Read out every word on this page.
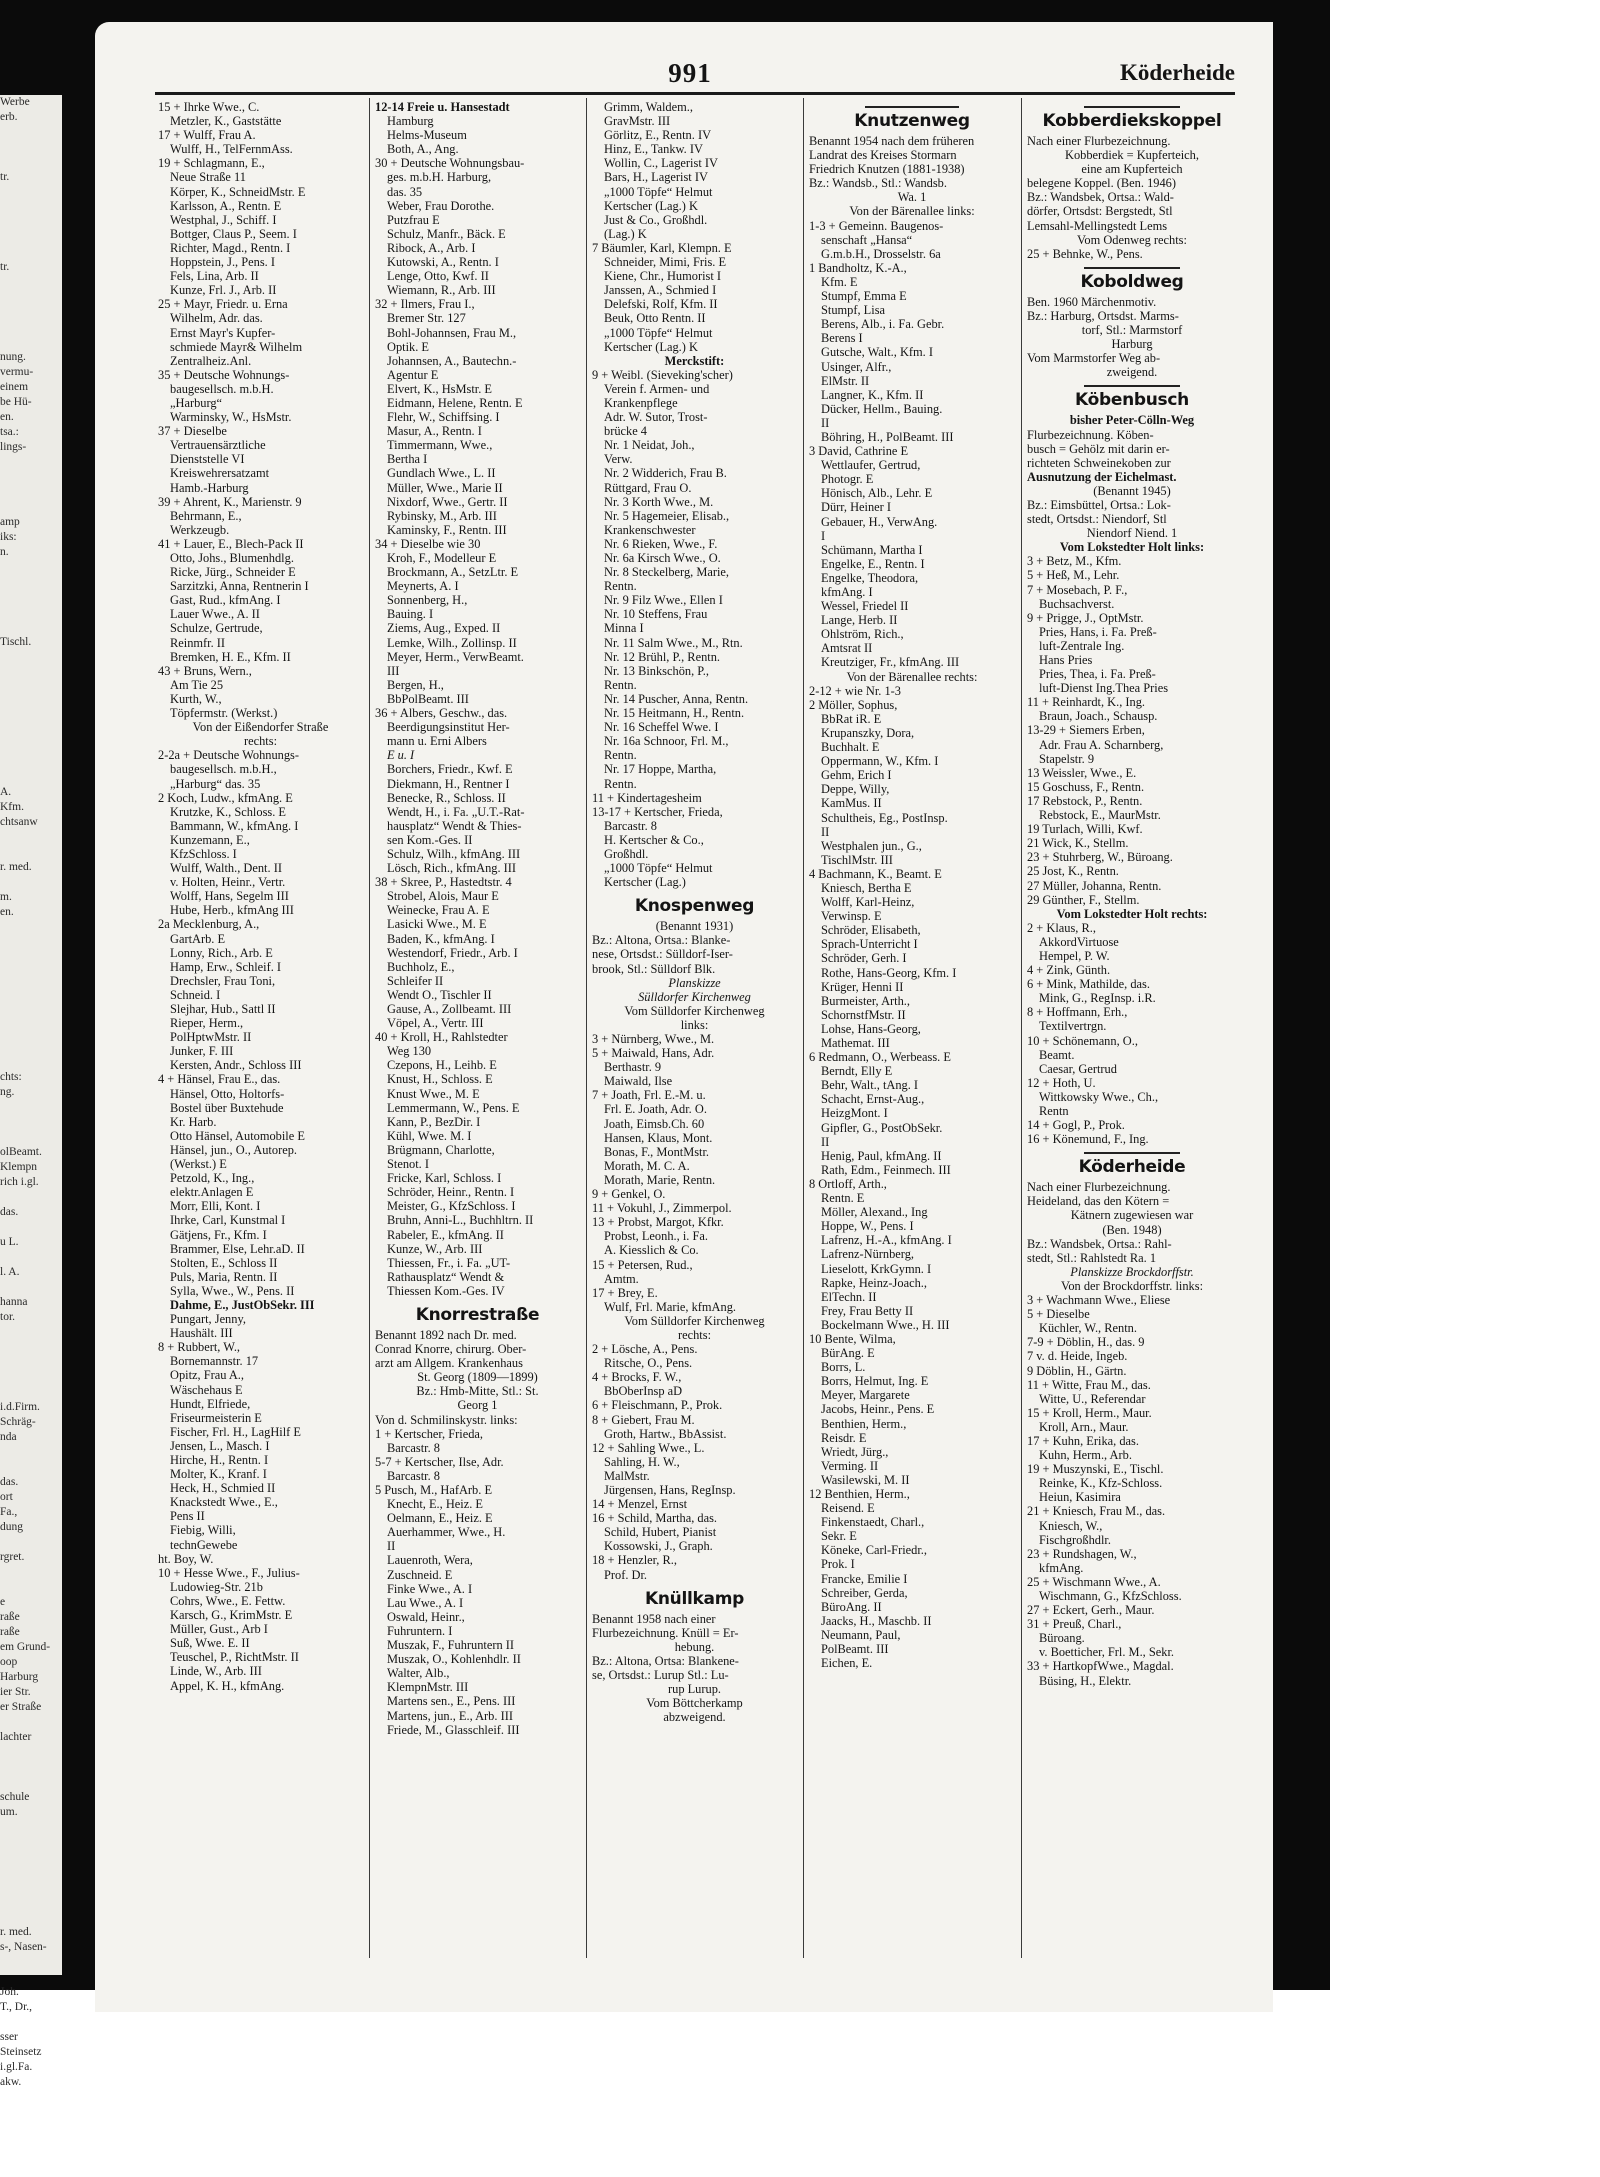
Werbe
erb.
tr.
tr.
nung.
vermu-
einem
be Hü-
en.
tsa.:
lings-
amp
iks:
n.
Tischl.
A.
Kfm.
chtsanw
r. med.
m.
en.
chts:
ng.
olBeamt.
Klempn
rich i.gl.
das.
u L.
l. A.
hanna
tor.
i.d.Firm.
Schräg-
nda
das.
ort
Fa.,
dung
rgret.
e
raße
raße
em Grund-
oop
Harburg
ier Str.
er Straße
lachter
schule
um.
r. med.
s-, Nasen-
Joh.
T., Dr.,
sser
Steinsetz
i.gl.Fa.
akw.
991	Köderheide
15 + Ihrke Wwe., C.
Metzler, K., Gaststätte
17 + Wulff, Frau A.
Wulff, H., TelFernmAss.
19 + Schlagmann, E.,
Neue Straße 11
Körper, K., SchneidMstr. E
Karlsson, A., Rentn. E
Westphal, J., Schiff. I
Bottger, Claus P., Seem. I
Richter, Magd., Rentn. I
Hoppstein, J., Pens. I
Fels, Lina, Arb. II
Kunze, Frl. J., Arb. II
25 + Mayr, Friedr. u. Erna
Wilhelm, Adr. das.
Ernst Mayr's Kupfer-
schmiede Mayr& Wilhelm
Zentralheiz.Anl.
35 + Deutsche Wohnungs-
baugesellsch. m.b.H.
„Harburg“
Warminsky, W., HsMstr.
37 + Dieselbe
Vertrauensärztliche
Dienststelle VI
Kreiswehrersatzamt
Hamb.-Harburg
39 + Ahrent, K., Marienstr. 9
Behrmann, E.,
Werkzeugb.
41 + Lauer, E., Blech-Pack II
Otto, Johs., Blumenhdlg.
Ricke, Jürg., Schneider E
Sarzitzki, Anna, Rentnerin I
Gast, Rud., kfmAng. I
Lauer Wwe., A. II
Schulze, Gertrude,
Reinmfr. II
Bremken, H. E., Kfm. II
43 + Bruns, Wern.,
Am Tie 25
Kurth, W.,
Töpfermstr. (Werkst.)
Von der Eißendorfer Straße
rechts:
2-2a + Deutsche Wohnungs-
baugesellsch. m.b.H.,
„Harburg“ das. 35
2 Koch, Ludw., kfmAng. E
Krutzke, K., Schloss. E
Bammann, W., kfmAng. I
Kunzemann, E.,
KfzSchloss. I
Wulff, Walth., Dent. II
v. Holten, Heinr., Vertr.
Wolff, Hans, Segelm III
Hube, Herb., kfmAng III
2a Mecklenburg, A.,
GartArb. E
Lonny, Rich., Arb. E
Hamp, Erw., Schleif. I
Drechsler, Frau Toni,
Schneid. I
Slejhar, Hub., Sattl II
Rieper, Herm.,
PolHptwMstr. II
Junker, F. III
Kersten, Andr., Schloss III
4 + Hänsel, Frau E., das.
Hänsel, Otto, Holtorfs-
Bostel über Buxtehude
Kr. Harb.
Otto Hänsel, Automobile E
Hänsel, jun., O., Autorep.
(Werkst.) E
Petzold, K., Ing.,
elektr.Anlagen E
Morr, Elli, Kont. I
Ihrke, Carl, Kunstmal I
Gätjens, Fr., Kfm. I
Brammer, Else, Lehr.aD. II
Stolten, E., Schloss II
Puls, Maria, Rentn. II
Sylla, Wwe., W., Pens. II
Dahme, E., JustObSekr. III
Pungart, Jenny,
Haushält. III
8 + Rubbert, W.,
Bornemannstr. 17
Opitz, Frau A.,
Wäschehaus E
Hundt, Elfriede,
Friseurmeisterin E
Fischer, Frl. H., LagHilf E
Jensen, L., Masch. I
Hirche, H., Rentn. I
Molter, K., Kranf. I
Heck, H., Schmied II
Knackstedt Wwe., E.,
Pens II
Fiebig, Willi,
technGewebe
ht. Boy, W.
10 + Hesse Wwe., F., Julius-
Ludowieg-Str. 21b
Cohrs, Wwe., E. Fettw.
Karsch, G., KrimMstr. E
Müller, Gust., Arb I
Suß, Wwe. E. II
Teuschel, P., RichtMstr. II
Linde, W., Arb. III
Appel, K. H., kfmAng.
12-14 Freie u. Hansestadt
Hamburg
Helms-Museum
Both, A., Ang.
30 + Deutsche Wohnungsbau-
ges. m.b.H. Harburg,
das. 35
Weber, Frau Dorothe.
Putzfrau E
Schulz, Manfr., Bäck. E
Ribock, A., Arb. I
Kutowski, A., Rentn. I
Lenge, Otto, Kwf. II
Wiemann, R., Arb. III
32 + Ilmers, Frau I.,
Bremer Str. 127
Bohl-Johannsen, Frau M.,
Optik. E
Johannsen, A., Bautechn.-
Agentur E
Elvert, K., HsMstr. E
Eidmann, Helene, Rentn. E
Flehr, W., Schiffsing. I
Masur, A., Rentn. I
Timmermann, Wwe.,
Bertha I
Gundlach Wwe., L. II
Müller, Wwe., Marie II
Nixdorf, Wwe., Gertr. II
Rybinsky, M., Arb. III
Kaminsky, F., Rentn. III
34 + Dieselbe wie 30
Kroh, F., Modelleur E
Brockmann, A., SetzLtr. E
Meynerts, A. I
Sonnenberg, H.,
Bauing. I
Ziems, Aug., Exped. II
Lemke, Wilh., Zollinsp. II
Meyer, Herm., VerwBeamt.
III
Bergen, H.,
BbPolBeamt. III
36 + Albers, Geschw., das.
Beerdigungsinstitut Her-
mann u. Erni Albers
E u. I
Borchers, Friedr., Kwf. E
Diekmann, H., Rentner I
Benecke, R., Schloss. II
Wendt, H., i. Fa. „U.T.-Rat-
hausplatz“ Wendt & Thies-
sen Kom.-Ges. II
Schulz, Wilh., kfmAng. III
Lösch, Rich., kfmAng. III
38 + Skree, P., Hastedtstr. 4
Strobel, Alois, Maur E
Weinecke, Frau A. E
Lasicki Wwe., M. E
Baden, K., kfmAng. I
Westendorf, Friedr., Arb. I
Buchholz, E.,
Schleifer II
Wendt O., Tischler II
Gause, A., Zollbeamt. III
Vöpel, A., Vertr. III
40 + Kroll, H., Rahlstedter
Weg 130
Czepons, H., Leihb. E
Knust, H., Schloss. E
Knust Wwe., M. E
Lemmermann, W., Pens. E
Kann, P., BezDir. I
Kühl, Wwe. M. I
Brügmann, Charlotte,
Stenot. I
Fricke, Karl, Schloss. I
Schröder, Heinr., Rentn. I
Meister, G., KfzSchloss. I
Bruhn, Anni-L., Buchhltrn. II
Rabeler, E., kfmAng. II
Kunze, W., Arb. III
Thiessen, Fr., i. Fa. „UT-
Rathausplatz“ Wendt &
Thiessen Kom.-Ges. IV
Knorrestraße
Benannt 1892 nach Dr. med.
Conrad Knorre, chirurg. Ober-
arzt am Allgem. Krankenhaus
St. Georg (1809—1899)
Bz.: Hmb-Mitte, Stl.: St.
Georg 1
Von d. Schmilinskystr. links:
1 + Kertscher, Frieda,
Barcastr. 8
5-7 + Kertscher, Ilse, Adr.
Barcastr. 8
5 Pusch, M., HafArb. E
Knecht, E., Heiz. E
Oelmann, E., Heiz. E
Auerhammer, Wwe., H.
II
Lauenroth, Wera,
Zuschneid. E
Finke Wwe., A. I
Lau Wwe., A. I
Oswald, Heinr.,
Fuhruntern. I
Muszak, F., Fuhruntern II
Muszak, O., Kohlenhdlr. II
Walter, Alb.,
KlempnMstr. III
Martens sen., E., Pens. III
Martens, jun., E., Arb. III
Friede, M., Glasschleif. III
Grimm, Waldem.,
GravMstr. III
Görlitz, E., Rentn. IV
Hinz, E., Tankw. IV
Wollin, C., Lagerist IV
Bars, H., Lagerist IV
„1000 Töpfe“ Helmut
Kertscher (Lag.) K
Just & Co., Großhdl.
(Lag.) K
7 Bäumler, Karl, Klempn. E
Schneider, Mimi, Fris. E
Kiene, Chr., Humorist I
Janssen, A., Schmied I
Delefski, Rolf, Kfm. II
Beuk, Otto Rentn. II
„1000 Töpfe“ Helmut
Kertscher (Lag.) K
Merckstift:
9 + Weibl. (Sieveking'scher)
Verein f. Armen- und
Krankenpflege
Adr. W. Sutor, Trost-
brücke 4
Nr. 1 Neidat, Joh.,
Verw.
Nr. 2 Widderich, Frau B.
Rüttgard, Frau O.
Nr. 3 Korth Wwe., M.
Nr. 5 Hagemeier, Elisab.,
Krankenschwester
Nr. 6 Rieken, Wwe., F.
Nr. 6a Kirsch Wwe., O.
Nr. 8 Steckelberg, Marie,
Rentn.
Nr. 9 Filz Wwe., Ellen I
Nr. 10 Steffens, Frau
Minna I
Nr. 11 Salm Wwe., M., Rtn.
Nr. 12 Brühl, P., Rentn.
Nr. 13 Binkschön, P.,
Rentn.
Nr. 14 Puscher, Anna, Rentn.
Nr. 15 Heitmann, H., Rentn.
Nr. 16 Scheffel Wwe. I
Nr. 16a Schnoor, Frl. M.,
Rentn.
Nr. 17 Hoppe, Martha,
Rentn.
11 + Kindertagesheim
13-17 + Kertscher, Frieda,
Barcastr. 8
H. Kertscher & Co.,
Großhdl.
„1000 Töpfe“ Helmut
Kertscher (Lag.)
Knospenweg
(Benannt 1931)
Bz.: Altona, Ortsa.: Blanke-
nese, Ortsdst.: Sülldorf-Iser-
brook, Stl.: Sülldorf Blk.
Planskizze
Sülldorfer Kirchenweg
Vom Sülldorfer Kirchenweg
links:
3 + Nürnberg, Wwe., M.
5 + Maiwald, Hans, Adr.
Berthastr. 9
Maiwald, Ilse
7 + Joath, Frl. E.-M. u.
Frl. E. Joath, Adr. O.
Joath, Eimsb.Ch. 60
Hansen, Klaus, Mont.
Bonas, F., MontMstr.
Morath, M. C. A.
Morath, Marie, Rentn.
9 + Genkel, O.
11 + Vokuhl, J., Zimmerpol.
13 + Probst, Margot, Kfkr.
Probst, Leonh., i. Fa.
A. Kiesslich & Co.
15 + Petersen, Rud.,
Amtm.
17 + Brey, E.
Wulf, Frl. Marie, kfmAng.
Vom Sülldorfer Kirchenweg
rechts:
2 + Lösche, A., Pens.
Ritsche, O., Pens.
4 + Brocks, F. W.,
BbOberInsp aD
6 + Fleischmann, P., Prok.
8 + Giebert, Frau M.
Groth, Hartw., BbAssist.
12 + Sahling Wwe., L.
Sahling, H. W.,
MalMstr.
Jürgensen, Hans, RegInsp.
14 + Menzel, Ernst
16 + Schild, Martha, das.
Schild, Hubert, Pianist
Kossowski, J., Graph.
18 + Henzler, R.,
Prof. Dr.
Knüllkamp
Benannt 1958 nach einer
Flurbezeichnung. Knüll = Er-
hebung.
Bz.: Altona, Ortsa: Blankene-
se, Ortsdst.: Lurup Stl.: Lu-
rup Lurup.
Vom Böttcherkamp
abzweigend.
Knutzenweg
Benannt 1954 nach dem früheren
Landrat des Kreises Stormarn
Friedrich Knutzen (1881-1938)
Bz.: Wandsb., Stl.: Wandsb.
Wa. 1
Von der Bärenallee links:
1-3 + Gemeinn. Baugenos-
senschaft „Hansa“
G.m.b.H., Drosselstr. 6a
1 Bandholtz, K.-A.,
Kfm. E
Stumpf, Emma E
Stumpf, Lisa
Berens, Alb., i. Fa. Gebr.
Berens I
Gutsche, Walt., Kfm. I
Usinger, Alfr.,
ElMstr. II
Langner, K., Kfm. II
Dücker, Hellm., Bauing.
II
Böhring, H., PolBeamt. III
3 David, Cathrine E
Wettlaufer, Gertrud,
Photogr. E
Hönisch, Alb., Lehr. E
Dürr, Heiner I
Gebauer, H., VerwAng.
I
Schümann, Martha I
Engelke, E., Rentn. I
Engelke, Theodora,
kfmAng. I
Wessel, Friedel II
Lange, Herb. II
Ohlström, Rich.,
Amtsrat II
Kreutziger, Fr., kfmAng. III
Von der Bärenallee rechts:
2-12 + wie Nr. 1-3
2 Möller, Sophus,
BbRat iR. E
Krupanszky, Dora,
Buchhalt. E
Oppermann, W., Kfm. I
Gehm, Erich I
Deppe, Willy,
KamMus. II
Schultheis, Eg., PostInsp.
II
Westphalen jun., G.,
TischlMstr. III
4 Bachmann, K., Beamt. E
Kniesch, Bertha E
Wolff, Karl-Heinz,
Verwinsp. E
Schröder, Elisabeth,
Sprach-Unterricht I
Schröder, Gerh. I
Rothe, Hans-Georg, Kfm. I
Krüger, Henni II
Burmeister, Arth.,
SchornstfMstr. II
Lohse, Hans-Georg,
Mathemat. III
6 Redmann, O., Werbeass. E
Berndt, Elly E
Behr, Walt., tAng. I
Schacht, Ernst-Aug.,
HeizgMont. I
Gipfler, G., PostObSekr.
II
Henig, Paul, kfmAng. II
Rath, Edm., Feinmech. III
8 Ortloff, Arth.,
Rentn. E
Möller, Alexand., Ing
Hoppe, W., Pens. I
Lafrenz, H.-A., kfmAng. I
Lafrenz-Nürnberg,
Lieselott, KrkGymn. I
Rapke, Heinz-Joach.,
ElTechn. II
Frey, Frau Betty II
Bockelmann Wwe., H. III
10 Bente, Wilma,
BürAng. E
Borrs, L.
Borrs, Helmut, Ing. E
Meyer, Margarete
Jacobs, Heinr., Pens. E
Benthien, Herm.,
Reisdr. E
Wriedt, Jürg.,
Verming. II
Wasilewski, M. II
12 Benthien, Herm.,
Reisend. E
Finkenstaedt, Charl.,
Sekr. E
Köneke, Carl-Friedr.,
Prok. I
Francke, Emilie I
Schreiber, Gerda,
BüroAng. II
Jaacks, H., Maschb. II
Neumann, Paul,
PolBeamt. III
Eichen, E.
Kobberdiekskoppel
Nach einer Flurbezeichnung.
Kobberdiek = Kupferteich,
eine am Kupferteich
belegene Koppel. (Ben. 1946)
Bz.: Wandsbek, Ortsa.: Wald-
dörfer, Ortsdst: Bergstedt, Stl
Lemsahl-Mellingstedt Lems
Vom Odenweg rechts:
25 + Behnke, W., Pens.
Koboldweg
Ben. 1960 Märchenmotiv.
Bz.: Harburg, Ortsdst. Marms-
torf, Stl.: Marmstorf
Harburg
Vom Marmstorfer Weg ab-
zweigend.
Köbenbusch
bisher Peter-Cölln-Weg
Flurbezeichnung. Köben-
busch = Gehölz mit darin er-
richteten Schweinekoben zur
Ausnutzung der Eichelmast.
(Benannt 1945)
Bz.: Eimsbüttel, Ortsa.: Lok-
stedt, Ortsdst.: Niendorf, Stl
Niendorf Niend. 1
Vom Lokstedter Holt links:
3 + Betz, M., Kfm.
5 + Heß, M., Lehr.
7 + Mosebach, P. F.,
Buchsachverst.
9 + Prigge, J., OptMstr.
Pries, Hans, i. Fa. Preß-
luft-Zentrale Ing.
Hans Pries
Pries, Thea, i. Fa. Preß-
luft-Dienst Ing.Thea Pries
11 + Reinhardt, K., Ing.
Braun, Joach., Schausp.
13-29 + Siemers Erben,
Adr. Frau A. Scharnberg,
Stapelstr. 9
13 Weissler, Wwe., E.
15 Goschuss, F., Rentn.
17 Rebstock, P., Rentn.
Rebstock, E., MaurMstr.
19 Turlach, Willi, Kwf.
21 Wick, K., Stellm.
23 + Stuhrberg, W., Büroang.
25 Jost, K., Rentn.
27 Müller, Johanna, Rentn.
29 Günther, F., Stellm.
Vom Lokstedter Holt rechts:
2 + Klaus, R.,
AkkordVirtuose
Hempel, P. W.
4 + Zink, Günth.
6 + Mink, Mathilde, das.
Mink, G., RegInsp. i.R.
8 + Hoffmann, Erh.,
Textilvertrgn.
10 + Schönemann, O.,
Beamt.
Caesar, Gertrud
12 + Hoth, U.
Wittkowsky Wwe., Ch.,
Rentn
14 + Gogl, P., Prok.
16 + Könemund, F., Ing.
Köderheide
Nach einer Flurbezeichnung.
Heideland, das den Kötern =
Kätnern zugewiesen war
(Ben. 1948)
Bz.: Wandsbek, Ortsa.: Rahl-
stedt, Stl.: Rahlstedt Ra. 1
Planskizze Brockdorffstr.
Von der Brockdorffstr. links:
3 + Wachmann Wwe., Eliese
5 + Dieselbe
Küchler, W., Rentn.
7-9 + Döblin, H., das. 9
7 v. d. Heide, Ingeb.
9 Döblin, H., Gärtn.
11 + Witte, Frau M., das.
Witte, U., Referendar
15 + Kroll, Herm., Maur.
Kroll, Arn., Maur.
17 + Kuhn, Erika, das.
Kuhn, Herm., Arb.
19 + Muszynski, E., Tischl.
Reinke, K., Kfz-Schloss.
Heiun, Kasimira
21 + Kniesch, Frau M., das.
Kniesch, W.,
Fischgroßhdlr.
23 + Rundshagen, W.,
kfmAng.
25 + Wischmann Wwe., A.
Wischmann, G., KfzSchloss.
27 + Eckert, Gerh., Maur.
31 + Preuß, Charl.,
Büroang.
v. Boetticher, Frl. M., Sekr.
33 + HartkopfWwe., Magdal.
Büsing, H., Elektr.
